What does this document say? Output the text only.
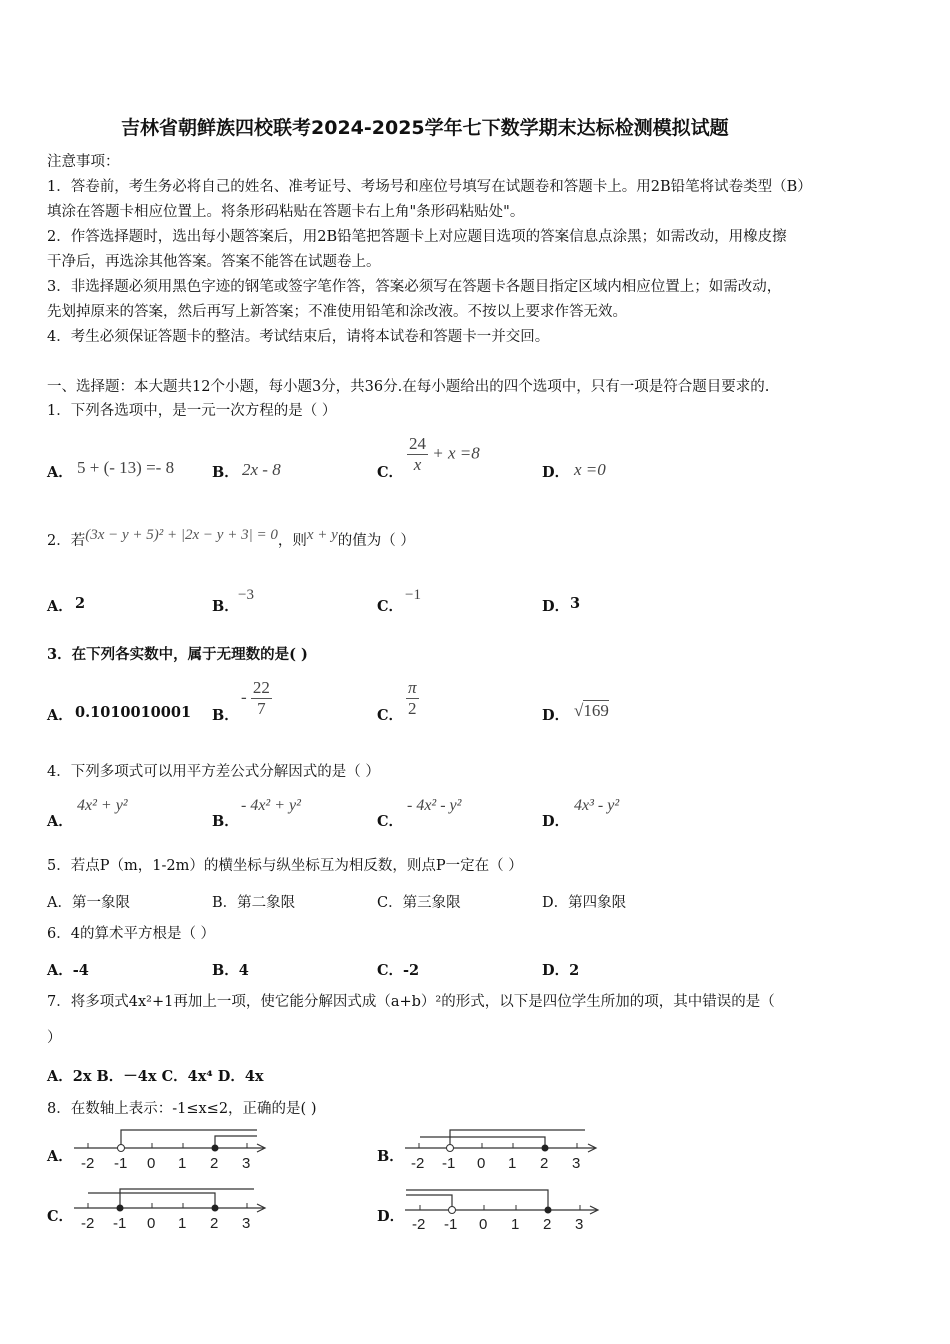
吉林省朝鲜族四校联考2024-2025学年七下数学期末达标检测模拟试题
注意事项：
1．答卷前，考生务必将自己的姓名、准考证号、考场号和座位号填写在试题卷和答题卡上。用2B铅笔将试卷类型（B）
填涂在答题卡相应位置上。将条形码粘贴在答题卡右上角"条形码粘贴处"。
2．作答选择题时，选出每小题答案后，用2B铅笔把答题卡上对应题目选项的答案信息点涂黑；如需改动，用橡皮擦
干净后，再选涂其他答案。答案不能答在试题卷上。
3．非选择题必须用黑色字迹的钢笔或签字笔作答，答案必须写在答题卡各题目指定区域内相应位置上；如需改动，
先划掉原来的答案，然后再写上新答案；不准使用铅笔和涂改液。不按以上要求作答无效。
4．考生必须保证答题卡的整洁。考试结束后，请将本试卷和答题卡一并交回。
一、选择题：本大题共12个小题，每小题3分，共36分.在每小题给出的四个选项中，只有一项是符合题目要求的.
1．下列各选项中，是一元一次方程的是（ ）
A． 5 + (- 13) =- 8	B． 2x - 8	C． $\frac{24}{x} + x =8$
D． x =0
2．若(3x − y + 5)² + |2x − y + 3| = 0，则x + y的值为（ ）
A． 2	B．
−3
C．
−1
D． 3
3．在下列各实数中，属于无理数的是( )
A． 0.1010010001 B．
- $\frac{22}{7}$	C． $\frac{\pi}{2}$	D． √169
4．下列多项式可以用平方差公式分解因式的是（ ）
A．
4x² + y²
B．
- 4x² + y²
C．
- 4x² - y²
D．
4x³ - y²
5．若点P（m，1-2m）的横坐标与纵坐标互为相反数，则点P一定在（ ）
A．第一象限	B．第二象限	C．第三象限	D．第四象限
6．4的算术平方根是（ ）
A．-4	B．4	C．-2	D．2
7．将多项式4x²+1再加上一项，使它能分解因式成（a+b）²的形式，以下是四位学生所加的项，其中错误的是（
）
A．2x B．－4x C．4x⁴ D．4x
8．在数轴上表示：-1≤x≤2，正确的是( )
A． -2 -1 0 1 2 3	B． -2 -1 0 1 2 3
C． -2 -1 0 1 2 3	D． -2 -1 0 1 2 3
